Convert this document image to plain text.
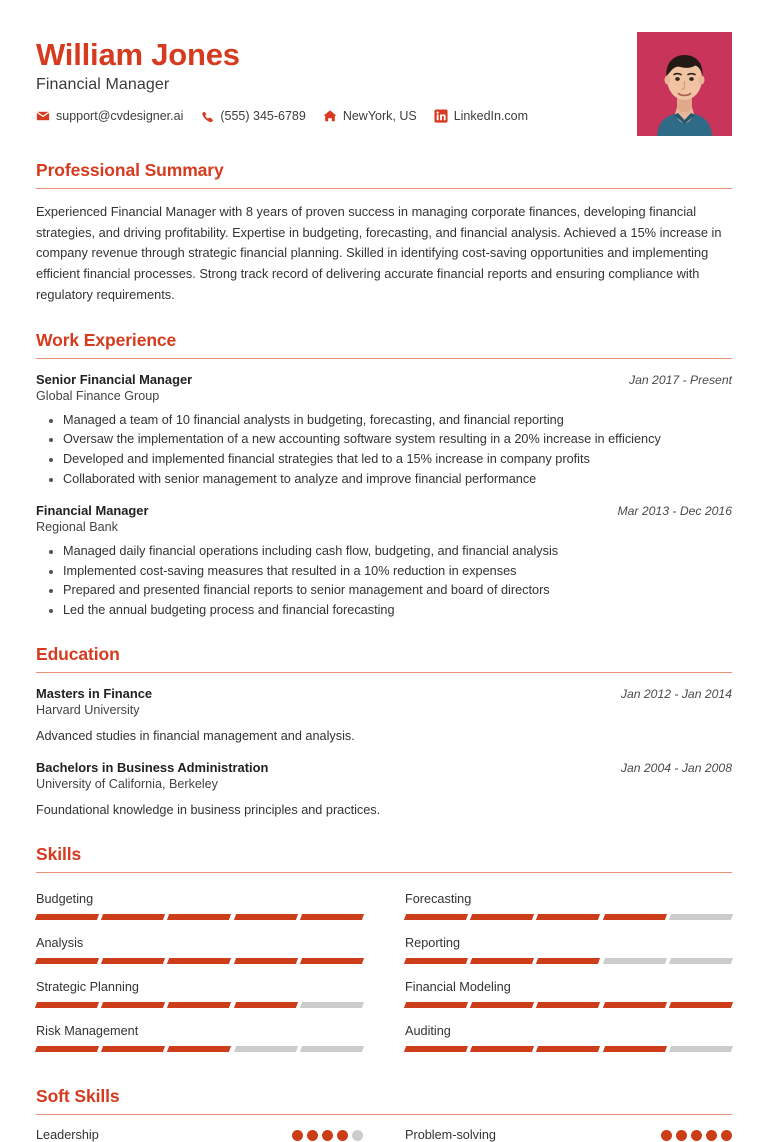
William Jones
Financial Manager
support@cvdesigner.ai	(555) 345-6789	NewYork, US	LinkedIn.com
Professional Summary

Experienced Financial Manager with 8 years of proven success in managing corporate finances, developing financial strategies, and driving profitability. Expertise in budgeting, forecasting, and financial analysis. Achieved a 15% increase in company revenue through strategic financial planning. Skilled in identifying cost-saving opportunities and implementing efficient financial processes. Strong track record of delivering accurate financial reports and ensuring compliance with regulatory requirements.

Work Experience
Senior Financial Manager	Jan 2017 - Present
Global Finance Group
• Managed a team of 10 financial analysts in budgeting, forecasting, and financial reporting
• Oversaw the implementation of a new accounting software system resulting in a 20% increase in efficiency
• Developed and implemented financial strategies that led to a 15% increase in company profits
• Collaborated with senior management to analyze and improve financial performance
Financial Manager	Mar 2013 - Dec 2016
Regional Bank
• Managed daily financial operations including cash flow, budgeting, and financial analysis
• Implemented cost-saving measures that resulted in a 10% reduction in expenses
• Prepared and presented financial reports to senior management and board of directors
• Led the annual budgeting process and financial forecasting
Education
Masters in Finance	Jan 2012 - Jan 2014
Harvard University
Advanced studies in financial management and analysis.
Bachelors in Business Administration	Jan 2004 - Jan 2008
University of California, Berkeley
Foundational knowledge in business principles and practices.
Skills
Budgeting	Forecasting
Analysis	Reporting
Strategic Planning	Financial Modeling
Risk Management	Auditing
Soft Skills
Leadership	Problem-solving
